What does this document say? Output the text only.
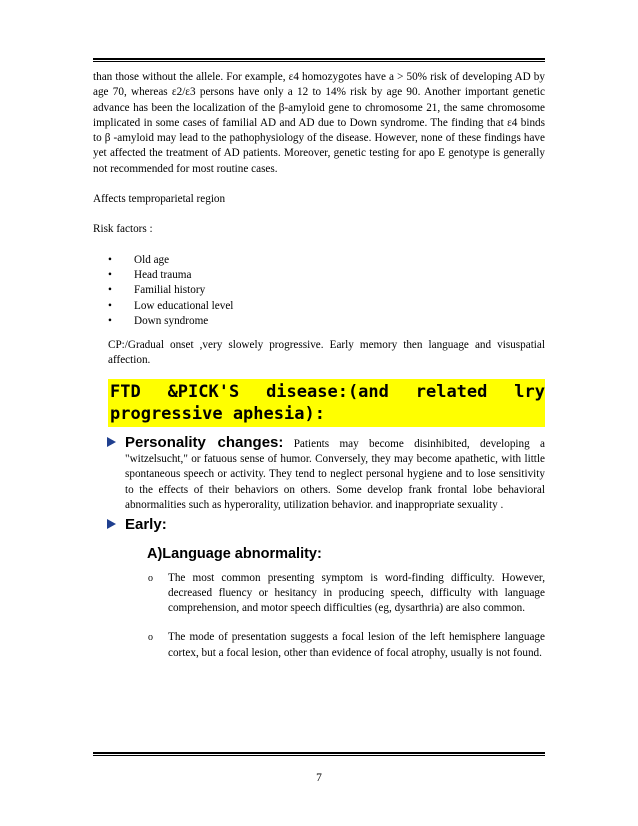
than those without the allele. For example, ε4 homozygotes have a > 50% risk of developing AD by age 70, whereas ε2/ε3 persons have only a 12 to 14% risk by age 90. Another important genetic advance has been the localization of the β-amyloid gene to chromosome 21, the same chromosome implicated in some cases of familial AD and AD due to Down syndrome. The finding that ε4 binds to β -amyloid may lead to the pathophysiology of the disease. However, none of these findings have yet affected the treatment of AD patients. Moreover, genetic testing for apo E genotype is generally not recommended for most routine cases.

Affects temproparietal region

Risk factors :

• Old age
• Head trauma
• Familial history
• Low educational level
• Down syndrome

CP:/Gradual onset ,very slowely progressive. Early memory then language and visuspatial affection.

FTD &PICK'S disease:(and related lry
progressive aphesia):
Personality changes: Patients may become disinhibited, developing a "witzelsucht," or fatuous sense of humor. Conversely, they may become apathetic, with little spontaneous speech or activity. They tend to neglect personal hygiene and to lose sensitivity to the effects of their behaviors on others. Some develop frank frontal lobe behavioral abnormalities such as hyperorality, utilization behavior. and inappropriate sexuality .
Early:
A)Language abnormality:
o The most common presenting symptom is word-finding difficulty. However, decreased fluency or hesitancy in producing speech, difficulty with language comprehension, and motor speech difficulties (eg, dysarthria) are also common.
o The mode of presentation suggests a focal lesion of the left hemisphere language cortex, but a focal lesion, other than evidence of focal atrophy, usually is not found.
7
